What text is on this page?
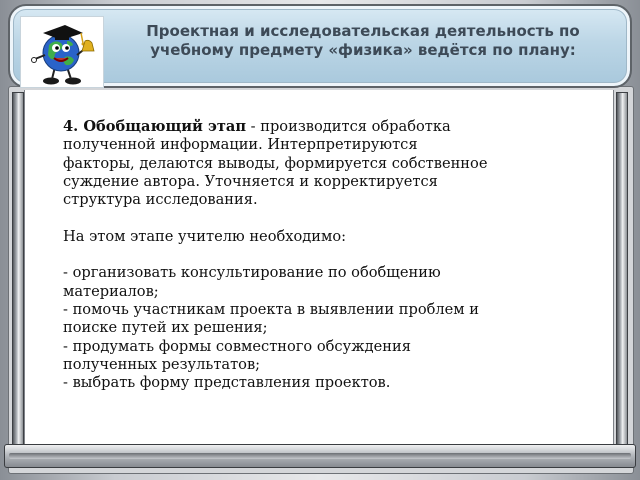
4. Обобщающий этап - производится обработка
полученной информации. Интерпретируются
факторы, делаются выводы, формируется собственное
суждение автора. Уточняется и корректируется
структура исследования.
На этом этапе учителю необходимо:
- организовать консультирование по обобщению
материалов;
- помочь участникам проекта в выявлении проблем и
поиске путей их решения;
- продумать формы совместного обсуждения
полученных результатов;
- выбрать форму представления проектов.
Проектная и исследовательская деятельность по
учебному предмету «физика» ведётся по плану:
